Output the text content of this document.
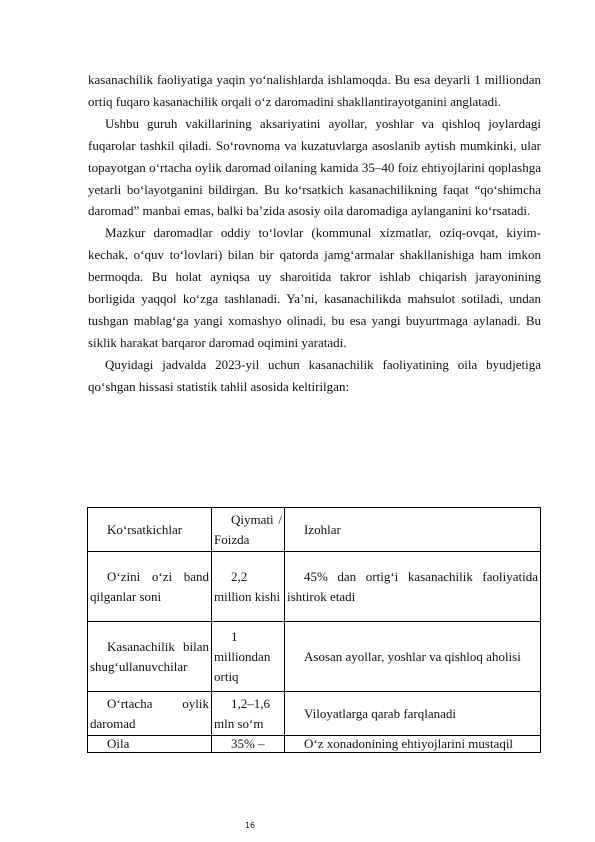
kasanachilik faoliyatiga yaqin yo‘nalishlarda ishlamoqda. Bu esa deyarli 1 milliondan ortiq fuqaro kasanachilik orqali o‘z daromadini shakllantirayotganini anglatadi.

Ushbu guruh vakillarining aksariyatini ayollar, yoshlar va qishloq joylardagi fuqarolar tashkil qiladi. So‘rovnoma va kuzatuvlarga asoslanib aytish mumkinki, ular topayotgan o‘rtacha oylik daromad oilaning kamida 35–40 foiz ehtiyojlarini qoplashga yetarli bo‘layotganini bildirgan. Bu ko‘rsatkich kasanachilikning faqat “qo‘shimcha daromad” manbai emas, balki ba’zida asosiy oila daromadiga aylanganini ko‘rsatadi.

Mazkur daromadlar oddiy to‘lovlar (kommunal xizmatlar, oziq-ovqat, kiyim-kechak, o‘quv to‘lovlari) bilan bir qatorda jamg‘armalar shakllanishiga ham imkon bermoqda. Bu holat ayniqsa uy sharoitida takror ishlab chiqarish jarayonining borligida yaqqol ko‘zga tashlanadi. Ya’ni, kasanachilikda mahsulot sotiladi, undan tushgan mablag‘ga yangi xomashyo olinadi, bu esa yangi buyurtmaga aylanadi. Bu siklik harakat barqaror daromad oqimini yaratadi.

Quyidagi jadvalda 2023-yil uchun kasanachilik faoliyatining oila byudjetiga qo‘shgan hissasi statistik tahlil asosida keltirilgan:

Ko‘rsatkichlar	Qiymati / Foizda	Izohlar
O‘zini o‘zi band qilganlar soni	2,2 million kishi	45% dan ortig‘i kasanachilik faoliyatida ishtirok etadi
Kasanachilik bilan shug‘ullanuvchilar	1 milliondan ortiq	Asosan ayollar, yoshlar va qishloq aholisi
O‘rtacha oylik daromad	1,2–1,6 mln so‘m	Viloyatlarga qarab farqlanadi
Oila	35% –	O‘z xonadonining ehtiyojlarini mustaqil
16
